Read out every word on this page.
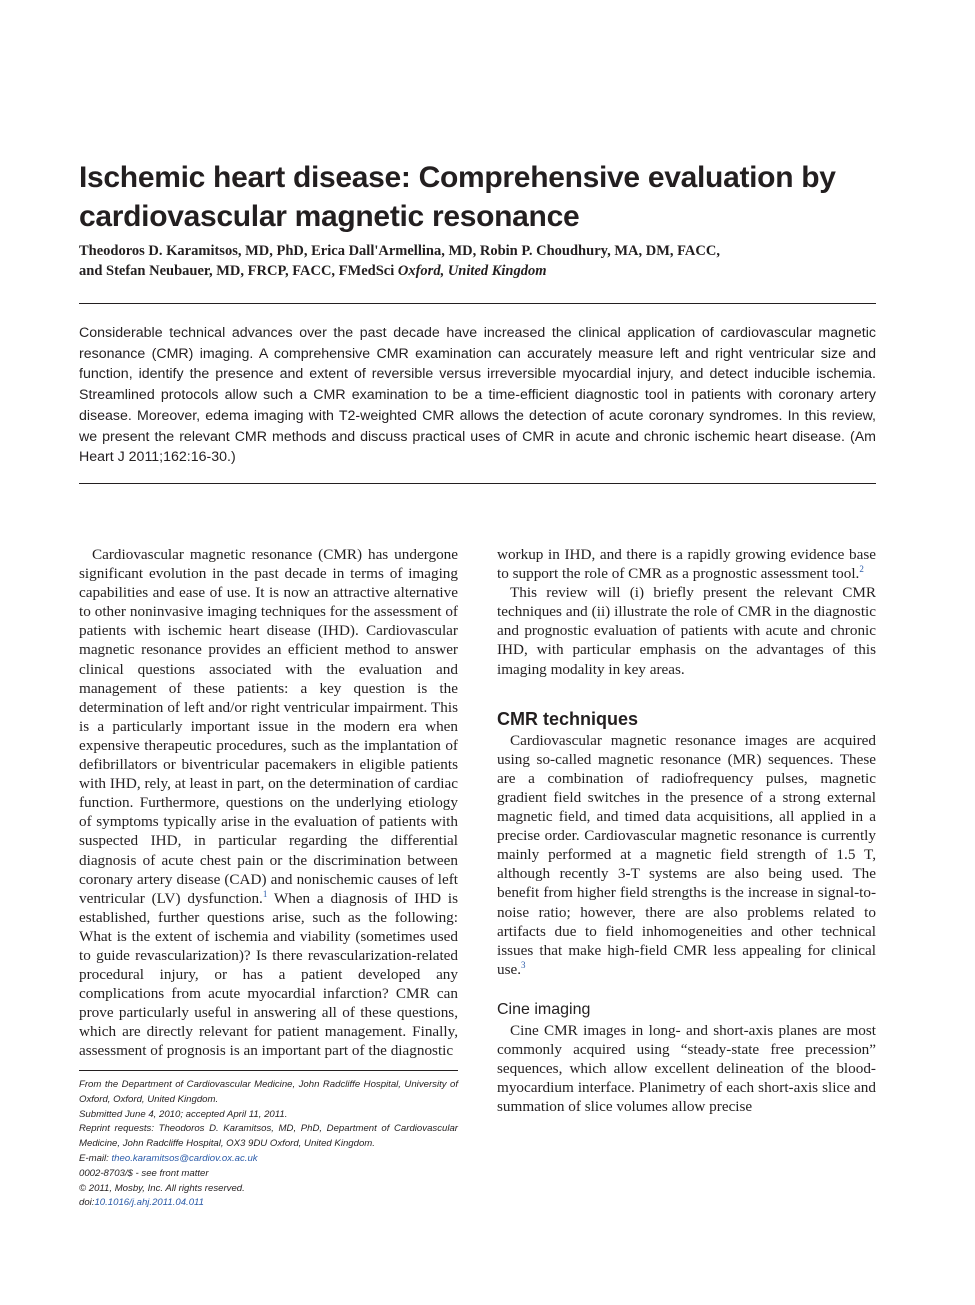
Ischemic heart disease: Comprehensive evaluation by cardiovascular magnetic resonance
Theodoros D. Karamitsos, MD, PhD, Erica Dall'Armellina, MD, Robin P. Choudhury, MA, DM, FACC,
and Stefan Neubauer, MD, FRCP, FACC, FMedSci Oxford, United Kingdom

Considerable technical advances over the past decade have increased the clinical application of cardiovascular magnetic resonance (CMR) imaging. A comprehensive CMR examination can accurately measure left and right ventricular size and function, identify the presence and extent of reversible versus irreversible myocardial injury, and detect inducible ischemia. Streamlined protocols allow such a CMR examination to be a time-efficient diagnostic tool in patients with coronary artery disease. Moreover, edema imaging with T2-weighted CMR allows the detection of acute coronary syndromes. In this review, we present the relevant CMR methods and discuss practical uses of CMR in acute and chronic ischemic heart disease. (Am Heart J 2011;162:16-30.)

Cardiovascular magnetic resonance (CMR) has undergone significant evolution in the past decade in terms of imaging capabilities and ease of use. It is now an attractive alternative to other noninvasive imaging techniques for the assessment of patients with ischemic heart disease (IHD). Cardiovascular magnetic resonance provides an efficient method to answer clinical questions associated with the evaluation and management of these patients: a key question is the determination of left and/or right ventricular impairment. This is a particularly important issue in the modern era when expensive therapeutic procedures, such as the implantation of defibrillators or biventricular pacemakers in eligible patients with IHD, rely, at least in part, on the determination of cardiac function. Furthermore, questions on the underlying etiology of symptoms typically arise in the evaluation of patients with suspected IHD, in particular regarding the differential diagnosis of acute chest pain or the discrimination between coronary artery disease (CAD) and nonischemic causes of left ventricular (LV) dysfunction.$^1$ When a diagnosis of IHD is established, further questions arise, such as the following: What is the extent of ischemia and viability (sometimes used to guide revascularization)? Is there revascularization-related procedural injury, or has a patient developed any complications from acute myocardial infarction? CMR can prove particularly useful in answering all of these questions, which are directly relevant for patient management. Finally, assessment of prognosis is an important part of the diagnostic

workup in IHD, and there is a rapidly growing evidence base to support the role of CMR as a prognostic assessment tool.$^2$

This review will (i) briefly present the relevant CMR techniques and (ii) illustrate the role of CMR in the diagnostic and prognostic evaluation of patients with acute and chronic IHD, with particular emphasis on the advantages of this imaging modality in key areas.

CMR techniques

Cardiovascular magnetic resonance images are acquired using so-called magnetic resonance (MR) sequences. These are a combination of radiofrequency pulses, magnetic gradient field switches in the presence of a strong external magnetic field, and timed data acquisitions, all applied in a precise order. Cardiovascular magnetic resonance is currently mainly performed at a magnetic field strength of 1.5 T, although recently 3-T systems are also being used. The benefit from higher field strengths is the increase in signal-to-noise ratio; however, there are also problems related to artifacts due to field inhomogeneities and other technical issues that make high-field CMR less appealing for clinical use.$^3$

Cine imaging

Cine CMR images in long- and short-axis planes are most commonly acquired using “steady-state free precession” sequences, which allow excellent delineation of the blood-myocardium interface. Planimetry of each short-axis slice and summation of slice volumes allow precise

From the Department of Cardiovascular Medicine, John Radcliffe Hospital, University of Oxford, Oxford, United Kingdom.
Submitted June 4, 2010; accepted April 11, 2011.
Reprint requests: Theodoros D. Karamitsos, MD, PhD, Department of Cardiovascular Medicine, John Radcliffe Hospital, OX3 9DU Oxford, United Kingdom.
E-mail: theo.karamitsos@cardiov.ox.ac.uk
0002-8703/$ - see front matter
© 2011, Mosby, Inc. All rights reserved.
doi:10.1016/j.ahj.2011.04.011
